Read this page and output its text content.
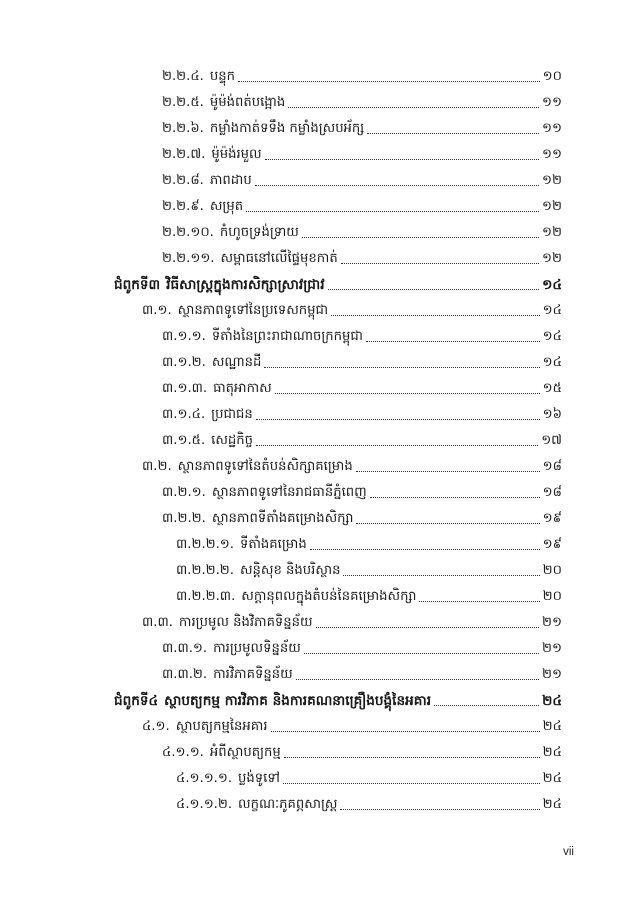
២.២.៤. បន្ទុក	១០
២.២.៥. ម៉ូម៉ង់ពត់បង្អោង	១១
២.២.៦. កម្លាំងកាត់ទទឹង កម្លាំងស្របអ័ក្ស	១១
២.២.៧. ម៉ូម៉ង់រមួល	១១
២.២.៨. ភាពដាប	១២
២.២.៩. សម្រុត	១២
២.២.១០. កំហូចទ្រង់ទ្រាយ	១២
២.២.១១. សម្ពាធនៅលើផ្ទៃមុខកាត់	១២
ជំពូកទី៣ វិធីសាស្ត្រក្នុងការសិក្សាស្រាវជ្រាវ	១៤
៣.១. ស្ថានភាពទូទៅនៃប្រទេសកម្ពុជា	១៤
៣.១.១. ទីតាំងនៃព្រះរាជាណាចក្រកម្ពុជា	១៤
៣.១.២. សណ្ឋានដី	១៤
៣.១.៣. ធាតុអាកាស	១៥
៣.១.៤. ប្រជាជន	១៦
៣.១.៥. សេដ្ឋកិច្ច	១៧
៣.២. ស្ថានភាពទូទៅនៃតំបន់សិក្សាគម្រោង	១៨
៣.២.១. ស្ថានភាពទូទៅនៃរាជធានីភ្នំពេញ	១៨
៣.២.២. ស្ថានភាពទីតាំងគម្រោងសិក្សា	១៩
៣.២.២.១. ទីតាំងគម្រោង	១៩
៣.២.២.២. សន្តិសុខ និងបរិស្ថាន	២០
៣.២.២.៣. សក្តានុពលក្នុងតំបន់នៃគម្រោងសិក្សា	២០
៣.៣. ការប្រមូល និងវិភាគទិន្នន័យ	២១
៣.៣.១. ការប្រមូលទិន្នន័យ	២១
៣.៣.២. ការវិភាគទិន្នន័យ	២១
ជំពូកទី៤ ស្ថាបត្យកម្ម ការវិភាគ និងការគណនាគ្រឿងបង្គុំនៃអគារ	២៤
៤.១. ស្ថាបត្យកម្មនៃអគារ	២៤
៤.១.១. អំពីស្ថាបត្យកម្ម	២៤
៤.១.១.១. ប្លង់ទូទៅ	២៤
៤.១.១.២. លក្ខណៈភូគព្ភសាស្ត្រ	២៤
vii
